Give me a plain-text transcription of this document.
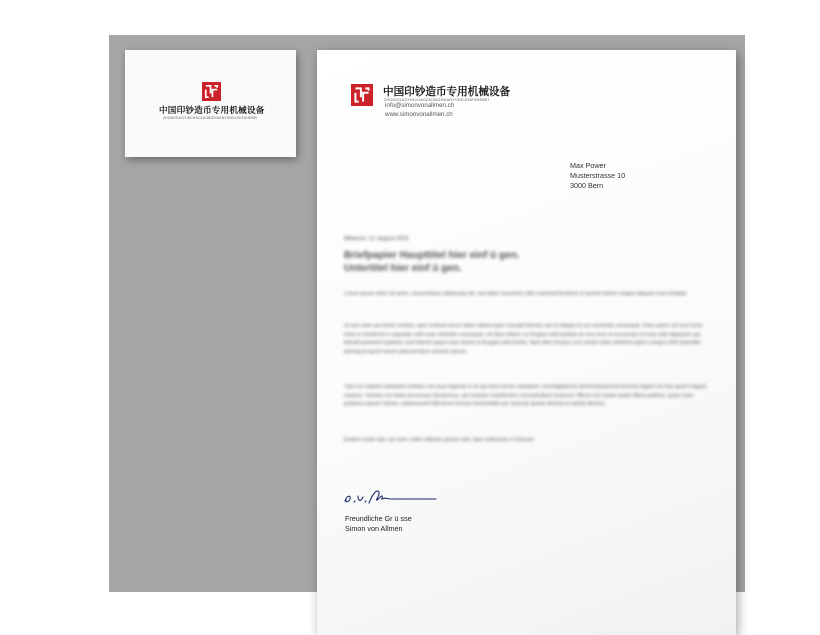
中国印钞造币专用机械设备
ZHONGGUOYINCHAOZAOBIZHUANYONGJIXIESHEBEI
中国印钞造币专用机械设备
ZHONGGUOYINCHAOZAOBIZHUANYONGJIXIESHEBEI
info@simonvonallmen.ch
www.simonvonallmen.ch
Max Power
Musterstrasse 10
3000 Bern
Mittwoch, 12. August 2015
Briefpapier Haupttitel hier einf ü gen.
Untertitel hier einf ü gen.
Lorem ipsum dolor sit amet, consectetuer adipiscing elit, sed diam nonummy nibh euismod tincidunt ut laoreet dolore magna aliquam erat volutpat.
Ut wisi enim ad minim veniam, quis nostrud exerci tation ullamcorper suscipit lobortis nisl ut aliquip ex ea commodo consequat. Duis autem vel eum iriure dolor in hendrerit in vulputate velit esse molestie consequat, vel illum dolore eu feugiat nulla facilisis at vero eros et accumsan et iusto odio dignissim qui blandit praesent luptatum zzril delenit augue duis dolore te feugait nulla facilisi. Nam liber tempor cum soluta nobis eleifend option congue nihil imperdiet doming id quod mazim placerat facer possim assum.
Typi non habent claritatem insitam; est usus legentis in iis qui facit eorum claritatem. Investigationes demonstraverunt lectores legere me lius quod ii legunt saepius. Claritas est etiam processus dynamicus, qui sequitur mutationem consuetudium lectorum. Mirum est notare quam littera gothica, quam nunc putamus parum claram, anteposuerit litterarum formas humanitatis per seacula quarta decima et quinta decima.
Eodem modo typi, qui nunc nobis videntur parum clari, fiant sollemnes in futurum.
Freundliche Gr ü sse
Simon von Allmen
